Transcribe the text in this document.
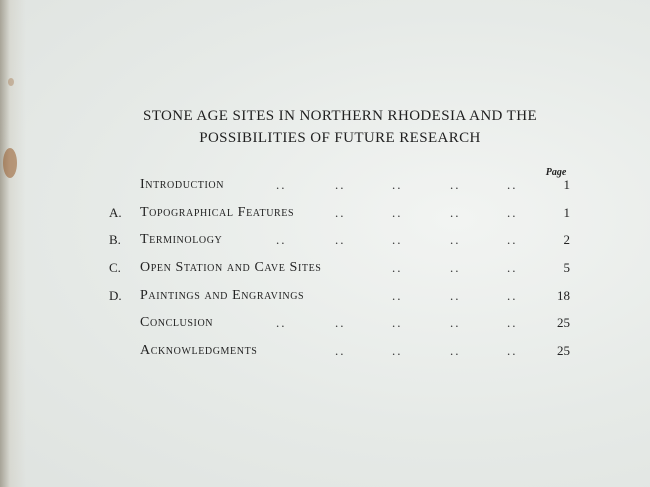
STONE AGE SITES IN NORTHERN RHODESIA AND THE
POSSIBILITIES OF FUTURE RESEARCH
Page
Introduction	..	..	..	..	..	1
A.	Topographical Features	..	..	..	..	1
B.	Terminology	..	..	..	..	..	2
C.	Open Station and Cave Sites	..	..	..	5
D.	Paintings and Engravings	..	..	..	18
Conclusion	..	..	..	..	..	25
Acknowledgments	..	..	..	..	25
